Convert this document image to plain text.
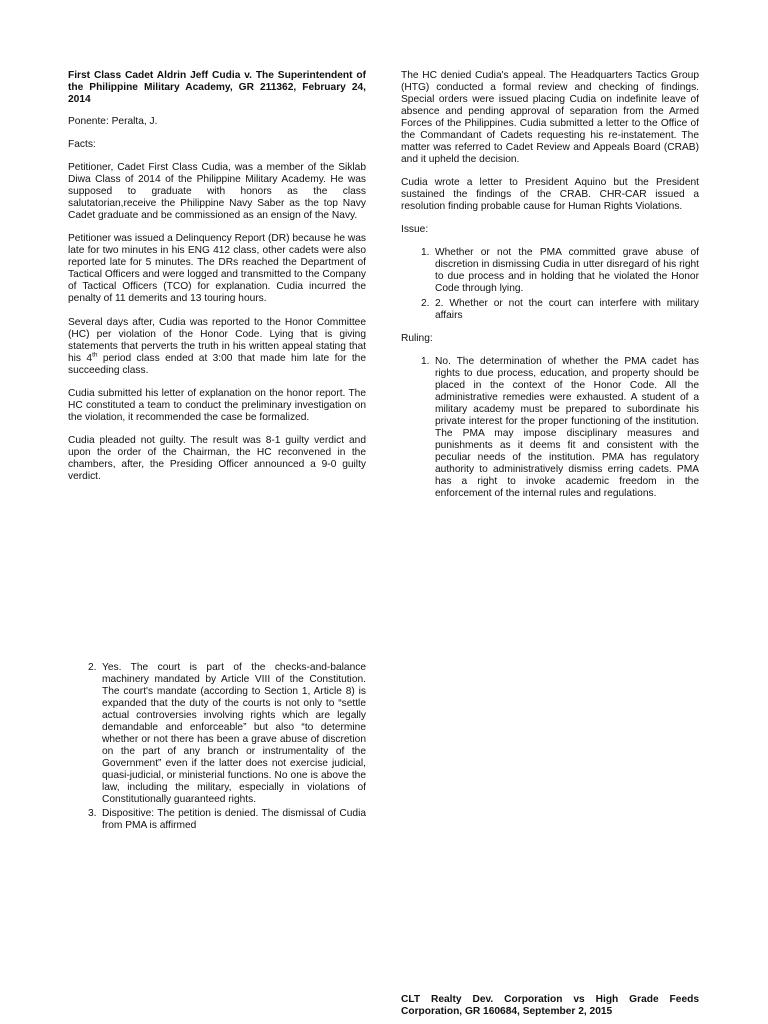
First Class Cadet Aldrin Jeff Cudia v. The Superintendent of the Philippine Military Academy, GR 211362, February 24, 2014

Ponente: Peralta, J.

Facts:

Petitioner, Cadet First Class Cudia, was a member of the Siklab Diwa Class of 2014 of the Philippine Military Academy. He was supposed to graduate with honors as the class salutatorian,receive the Philippine Navy Saber as the top Navy Cadet graduate and be commissioned as an ensign of the Navy.

Petitioner was issued a Delinquency Report (DR) because he was late for two minutes in his ENG 412 class, other cadets were also reported late for 5 minutes. The DRs reached the Department of Tactical Officers and were logged and transmitted to the Company of Tactical Officers (TCO) for explanation. Cudia incurred the penalty of 11 demerits and 13 touring hours.

Several days after, Cudia was reported to the Honor Committee (HC) per violation of the Honor Code. Lying that is giving statements that perverts the truth in his written appeal stating that his 4th period class ended at 3:00 that made him late for the succeeding class.

Cudia submitted his letter of explanation on the honor report. The HC constituted a team to conduct the preliminary investigation on the violation, it recommended the case be formalized.

Cudia pleaded not guilty. The result was 8-1 guilty verdict and upon the order of the Chairman, the HC reconvened in the chambers, after, the Presiding Officer announced a 9-0 guilty verdict.

The HC denied Cudia's appeal. The Headquarters Tactics Group (HTG) conducted a formal review and checking of findings. Special orders were issued placing Cudia on indefinite leave of absence and pending approval of separation from the Armed Forces of the Philippines. Cudia submitted a letter to the Office of the Commandant of Cadets requesting his re-instatement. The matter was referred to Cadet Review and Appeals Board (CRAB) and it upheld the decision.

Cudia wrote a letter to President Aquino but the President sustained the findings of the CRAB. CHR-CAR issued a resolution finding probable cause for Human Rights Violations.

Issue:

1. Whether or not the PMA committed grave abuse of discretion in dismissing Cudia in utter disregard of his right to due process and in holding that he violated the Honor Code through lying.
2. 2. Whether or not the court can interfere with military affairs

Ruling:

1. No. The determination of whether the PMA cadet has rights to due process, education, and property should be placed in the context of the Honor Code. All the administrative remedies were exhausted. A student of a military academy must be prepared to subordinate his private interest for the proper functioning of the institution. The PMA may impose disciplinary measures and punishments as it deems fit and consistent with the peculiar needs of the institution. PMA has regulatory authority to administratively dismiss erring cadets. PMA has a right to invoke academic freedom in the enforcement of the internal rules and regulations.
2. Yes. The court is part of the checks-and-balance machinery mandated by Article VIII of the Constitution. The court's mandate (according to Section 1, Article 8) is expanded that the duty of the courts is not only to “settle actual controversies involving rights which are legally demandable and enforceable” but also “to determine whether or not there has been a grave abuse of discretion on the part of any branch or instrumentality of the Government” even if the latter does not exercise judicial, quasi-judicial, or ministerial functions. No one is above the law, including the military, especially in violations of Constitutionally guaranteed rights.
3. Dispositive: The petition is denied. The dismissal of Cudia from PMA is affirmed
CLT Realty Dev. Corporation vs High Grade Feeds Corporation, GR 160684, September 2, 2015
